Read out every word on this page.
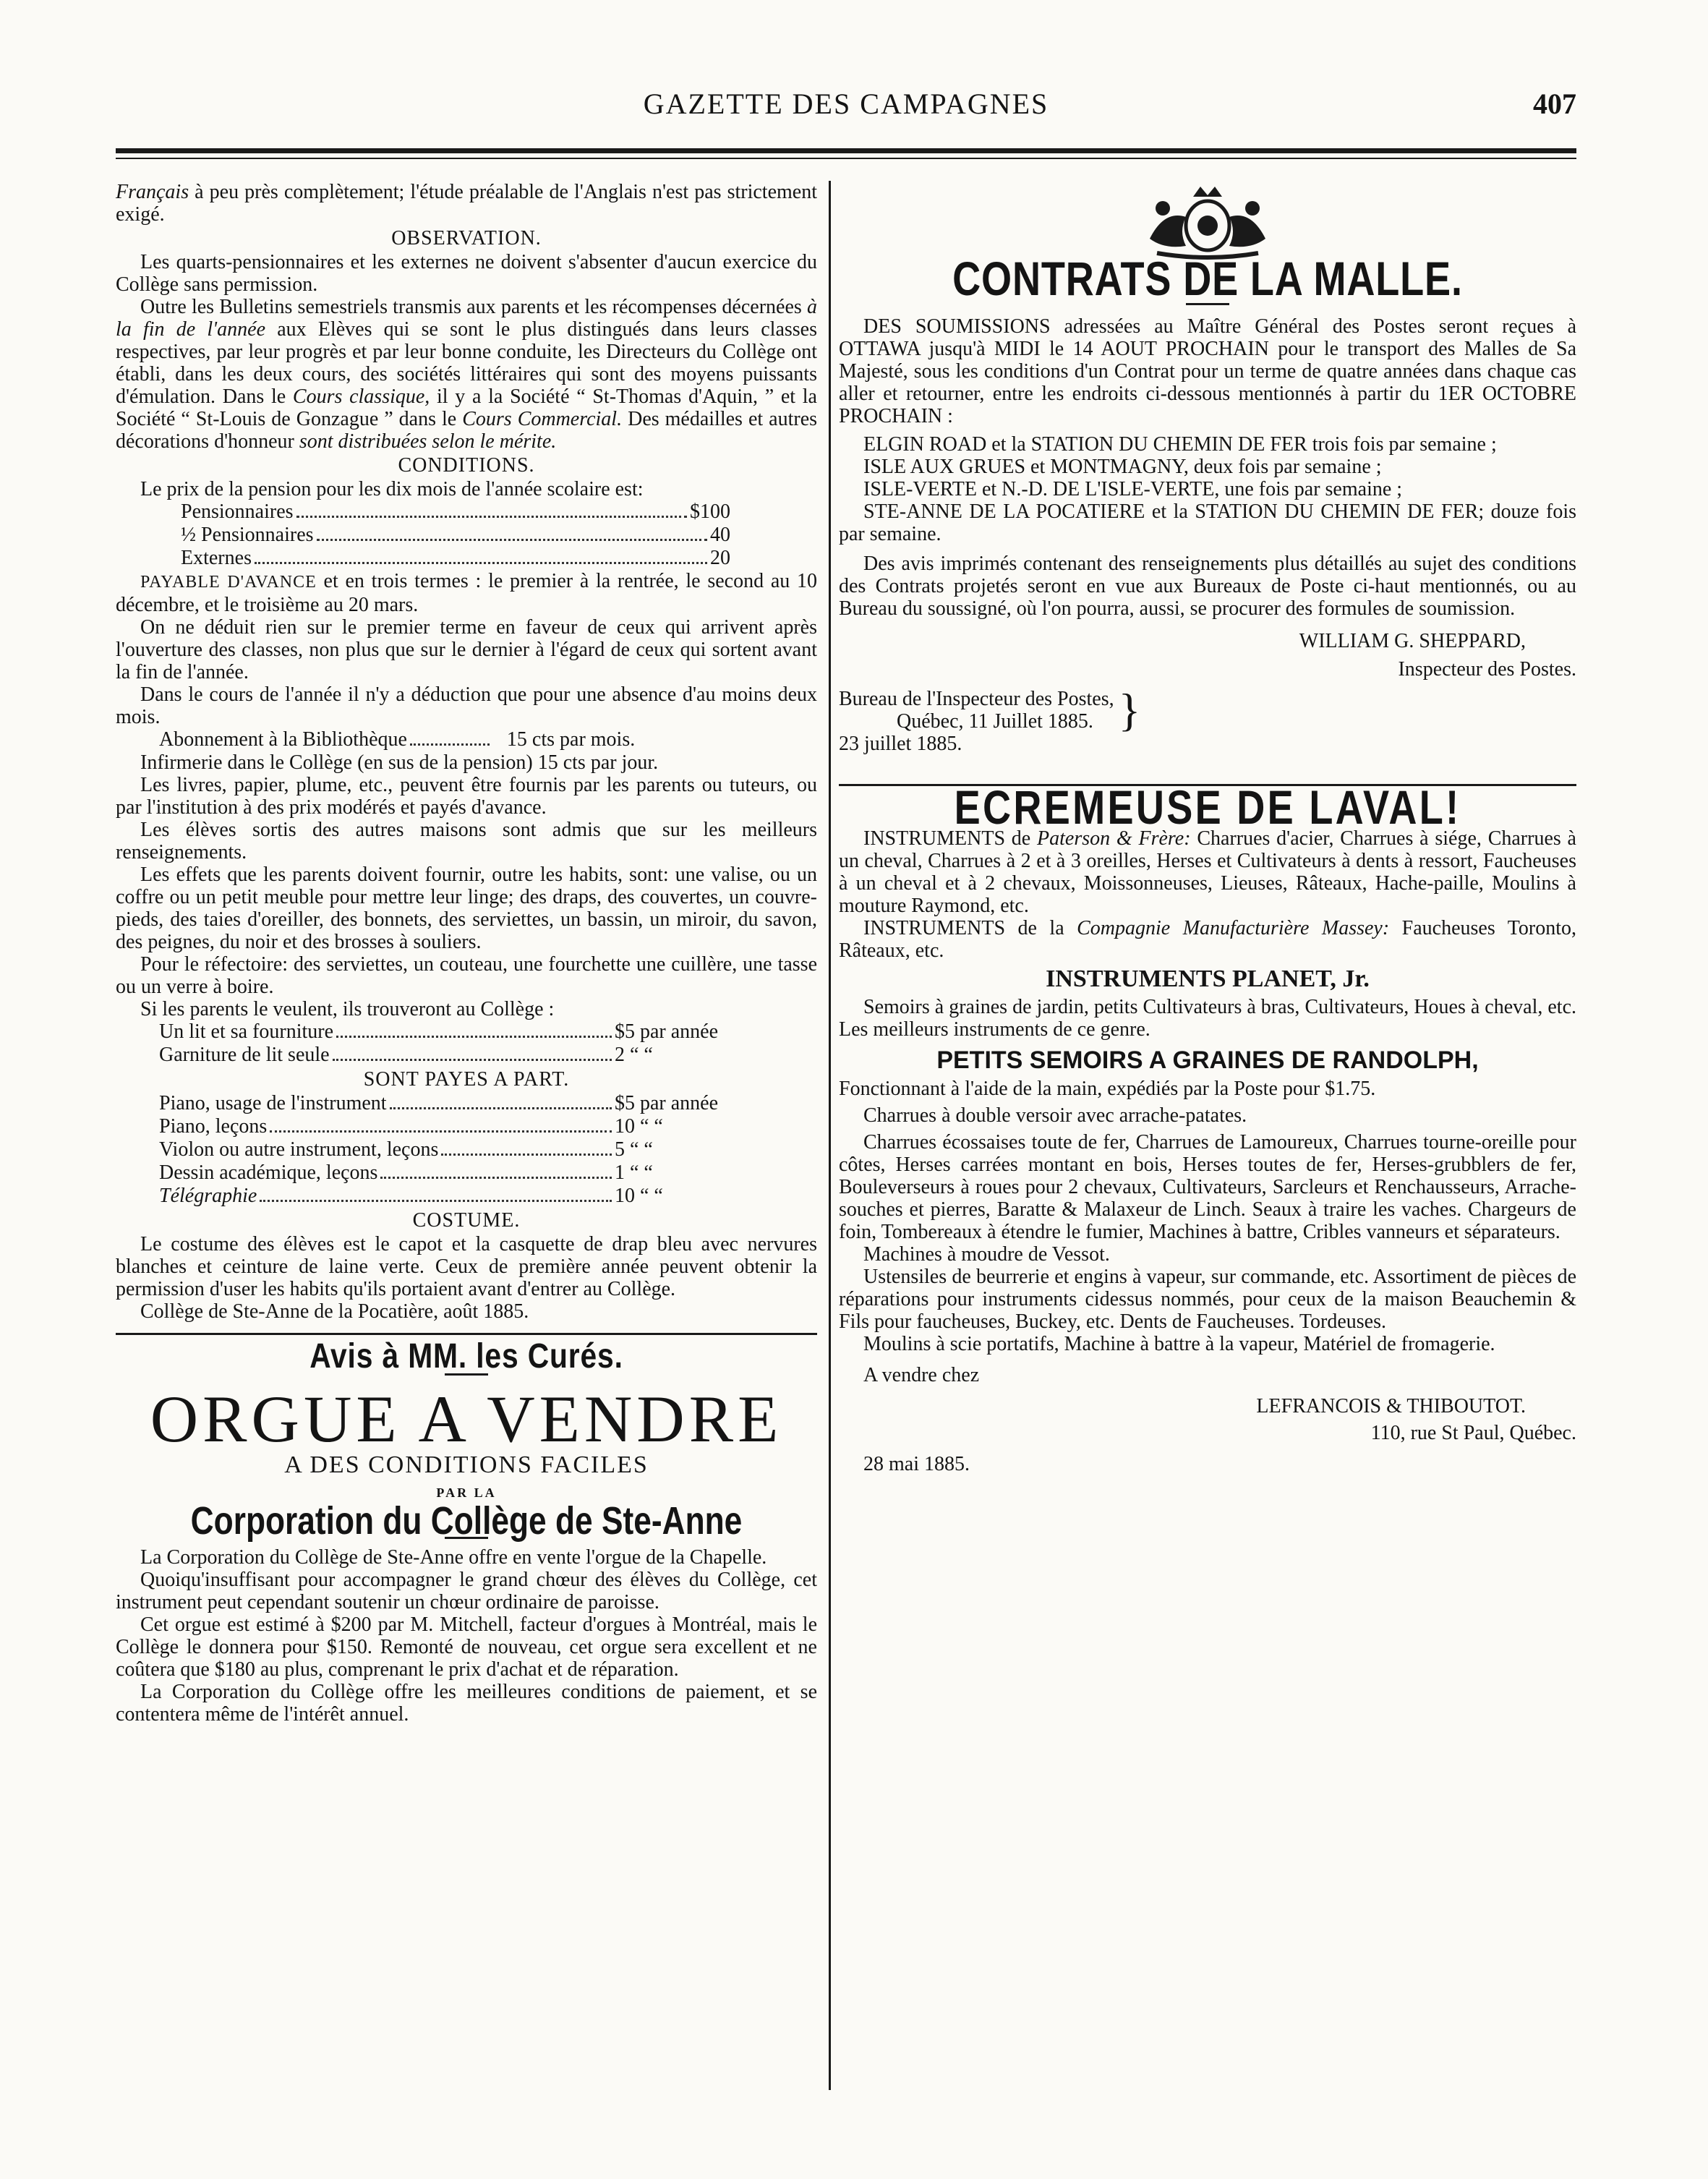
GAZETTE DES CAMPAGNES	407

Français à peu près complètement; l'étude préalable de l'Anglais n'est pas strictement exigé.

OBSERVATION.

Les quarts-pensionnaires et les externes ne doivent s'absenter d'aucun exercice du Collège sans permission.

Outre les Bulletins semestriels transmis aux parents et les récompenses décernées à la fin de l'année aux Elèves qui se sont le plus distingués dans leurs classes respectives, par leur progrès et par leur bonne conduite, les Directeurs du Collège ont établi, dans les deux cours, des sociétés littéraires qui sont des moyens puissants d'émulation. Dans le Cours classique, il y a la Société “ St-Thomas d'Aquin, ” et la Société “ St-Louis de Gonzague ” dans le Cours Commercial. Des médailles et autres décorations d'honneur sont distribuées selon le mérite.

CONDITIONS.

Le prix de la pension pour les dix mois de l'année scolaire est:

Pensionnaires	$100
½ Pensionnaires	40
Externes	20

PAYABLE D'AVANCE et en trois termes : le premier à la rentrée, le second au 10 décembre, et le troisième au 20 mars.

On ne déduit rien sur le premier terme en faveur de ceux qui arrivent après l'ouverture des classes, non plus que sur le dernier à l'égard de ceux qui sortent avant la fin de l'année.

Dans le cours de l'année il n'y a déduction que pour une absence d'au moins deux mois.

Abonnement à la Bibliothèque	15 cts par mois.

Infirmerie dans le Collège (en sus de la pension) 15 cts par jour.

Les livres, papier, plume, etc., peuvent être fournis par les parents ou tuteurs, ou par l'institution à des prix modérés et payés d'avance.

Les élèves sortis des autres maisons sont admis que sur les meilleurs renseignements.

Les effets que les parents doivent fournir, outre les habits, sont: une valise, ou un coffre ou un petit meuble pour mettre leur linge; des draps, des couvertes, un couvre-pieds, des taies d'oreiller, des bonnets, des serviettes, un bassin, un miroir, du savon, des peignes, du noir et des brosses à souliers.

Pour le réfectoire: des serviettes, un couteau, une fourchette une cuillère, une tasse ou un verre à boire.

Si les parents le veulent, ils trouveront au Collège :

Un lit et sa fourniture	$5 par année
Garniture de lit seule	2 “ “
SONT PAYES A PART.
Piano, usage de l'instrument	$5 par année
Piano, leçons	10 “ “
Violon ou autre instrument, leçons	5 “ “
Dessin académique, leçons	1 “ “
Télégraphie	10 “ “
COSTUME.

Le costume des élèves est le capot et la casquette de drap bleu avec nervures blanches et ceinture de laine verte. Ceux de première année peuvent obtenir la permission d'user les habits qu'ils portaient avant d'entrer au Collège.

Collège de Ste-Anne de la Pocatière, août 1885.

Avis à MM. les Curés.
ORGUE A VENDRE
A DES CONDITIONS FACILES
PAR LA
Corporation du Collège de Ste-Anne

La Corporation du Collège de Ste-Anne offre en vente l'orgue de la Chapelle.

Quoiqu'insuffisant pour accompagner le grand chœur des élèves du Collège, cet instrument peut cependant soutenir un chœur ordinaire de paroisse.

Cet orgue est estimé à $200 par M. Mitchell, facteur d'orgues à Montréal, mais le Collège le donnera pour $150. Remonté de nouveau, cet orgue sera excellent et ne coûtera que $180 au plus, comprenant le prix d'achat et de réparation.

La Corporation du Collège offre les meilleures conditions de paiement, et se contentera même de l'intérêt annuel.

CONTRATS DE LA MALLE.

DES SOUMISSIONS adressées au Maître Général des Postes seront reçues à OTTAWA jusqu'à MIDI le 14 AOUT PROCHAIN pour le transport des Malles de Sa Majesté, sous les conditions d'un Contrat pour un terme de quatre années dans chaque cas aller et retourner, entre les endroits ci-dessous mentionnés à partir du 1ER OCTOBRE PROCHAIN :

ELGIN ROAD et la STATION DU CHEMIN DE FER trois fois par semaine ;

ISLE AUX GRUES et MONTMAGNY, deux fois par semaine ;

ISLE-VERTE et N.-D. DE L'ISLE-VERTE, une fois par semaine ;

STE-ANNE DE LA POCATIERE et la STATION DU CHEMIN DE FER; douze fois par semaine.

Des avis imprimés contenant des renseignements plus détaillés au sujet des conditions des Contrats projetés seront en vue aux Bureaux de Poste ci-haut mentionnés, ou au Bureau du soussigné, où l'on pourra, aussi, se procurer des formules de soumission.

WILLIAM G. SHEPPARD,

Inspecteur des Postes.

Bureau de l'Inspecteur des Postes,

Québec, 11 Juillet 1885. }

23 juillet 1885.

ECREMEUSE DE LAVAL!

INSTRUMENTS de Paterson & Frère: Charrues d'acier, Charrues à siége, Charrues à un cheval, Charrues à 2 et à 3 oreilles, Herses et Cultivateurs à dents à ressort, Faucheuses à un cheval et à 2 chevaux, Moissonneuses, Lieuses, Râteaux, Hache-paille, Moulins à mouture Raymond, etc.

INSTRUMENTS de la Compagnie Manufacturière Massey: Faucheuses Toronto, Râteaux, etc.

INSTRUMENTS PLANET, Jr.

Semoirs à graines de jardin, petits Cultivateurs à bras, Cultivateurs, Houes à cheval, etc. Les meilleurs instruments de ce genre.

PETITS SEMOIRS A GRAINES DE RANDOLPH,

Fonctionnant à l'aide de la main, expédiés par la Poste pour $1.75.

Charrues à double versoir avec arrache-patates.

Charrues écossaises toute de fer, Charrues de Lamoureux, Charrues tourne-oreille pour côtes, Herses carrées montant en bois, Herses toutes de fer, Herses-grubblers de fer, Bouleverseurs à roues pour 2 chevaux, Cultivateurs, Sarcleurs et Renchausseurs, Arrache-souches et pierres, Baratte & Malaxeur de Linch. Seaux à traire les vaches. Chargeurs de foin, Tombereaux à étendre le fumier, Machines à battre, Cribles vanneurs et séparateurs.

Machines à moudre de Vessot.

Ustensiles de beurrerie et engins à vapeur, sur commande, etc. Assortiment de pièces de réparations pour instruments cidessus nommés, pour ceux de la maison Beauchemin & Fils pour faucheuses, Buckey, etc. Dents de Faucheuses. Tordeuses.

Moulins à scie portatifs, Machine à battre à la vapeur, Matériel de fromagerie.

A vendre chez

LEFRANCOIS & THIBOUTOT.

110, rue St Paul, Québec.

28 mai 1885.
